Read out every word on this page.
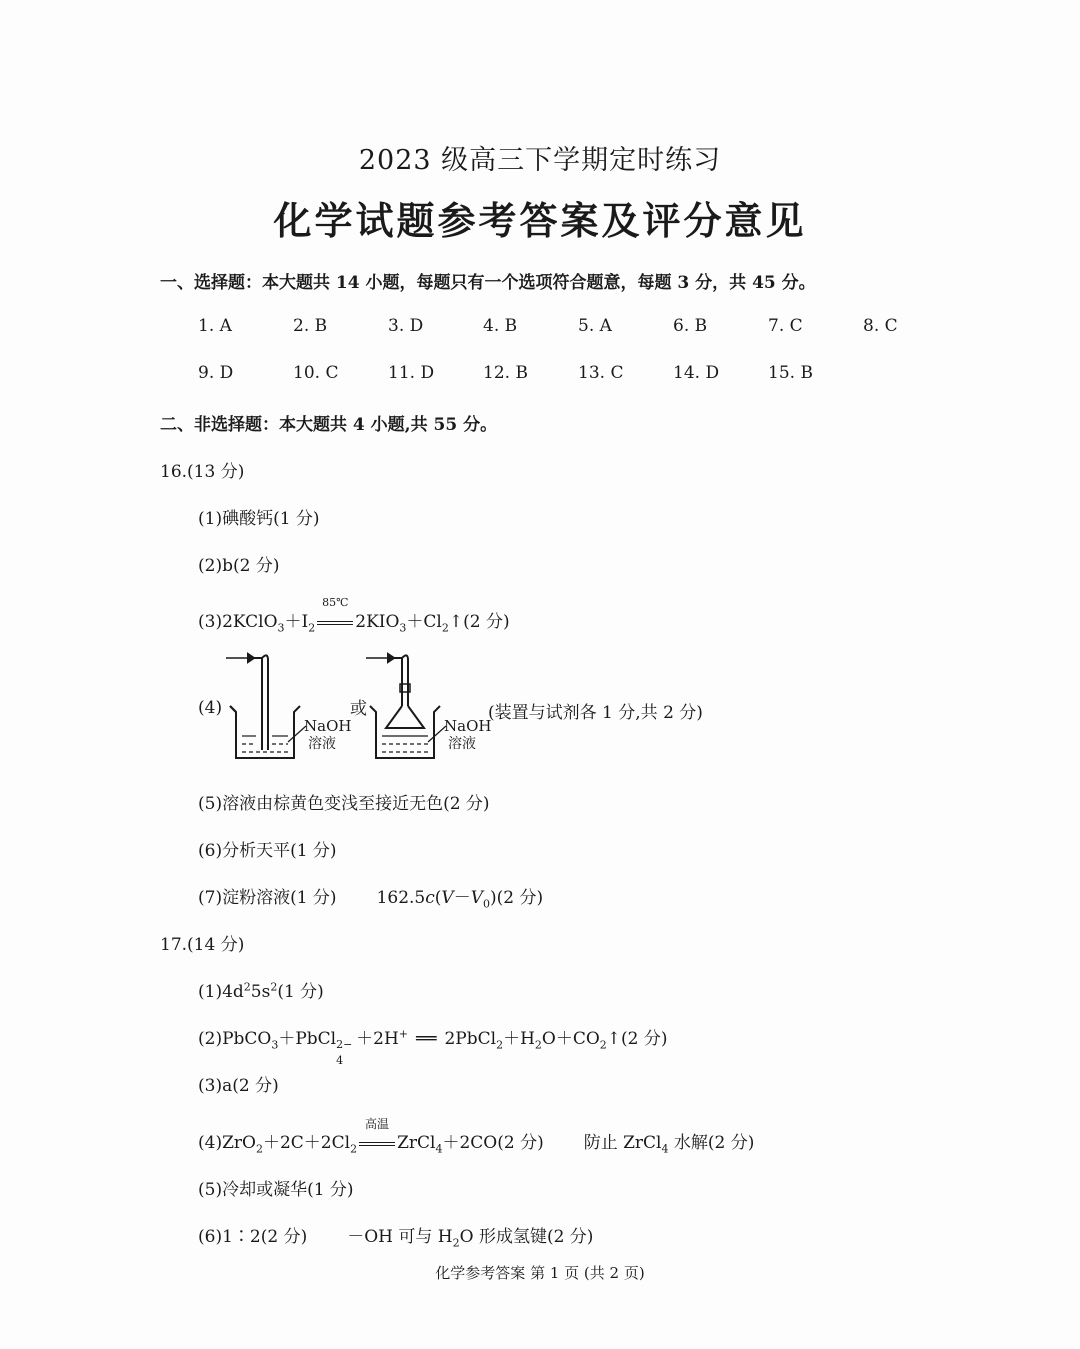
2023 级高三下学期定时练习
化学试题参考答案及评分意见
一、选择题：本大题共 14 小题，每题只有一个选项符合题意，每题 3 分，共 45 分。
1. A	2. B	3. D	4. B	5. A	6. B	7. C	8. C
9. D	10. C	11. D	12. B	13. C	14. D	15. B
二、非选择题：本大题共 4 小题,共 55 分。
16.(13 分)
(1)碘酸钙(1 分)
(2)b(2 分)
$(3)2KClO_3+I_2$
85℃
$2KIO_3+Cl_2↑(2$ 分)
(4)
NaOH
溶液
或
NaOH
溶液
(装置与试剂各 1 分,共 2 分)
(5)溶液由棕黄色变浅至接近无色(2 分)
(6)分析天平(1 分)
(7)淀粉溶液(1 分) $162.5c(V-V_0)(2$ 分)
17.(14 分)
$(1)4d^25s^2(1$ 分)
(2)PbCO$_3$＋PbCl 2−
4
＋2H+ ══ $2PbCl_2+H_2O+CO_2↑(2$ 分)
(3)a(2 分)
$(4)ZrO_2+2C+2Cl_2$
高温
ZrCl$_4$＋2CO(2 分) 防止 ZrCl$_4$ 水解(2 分)
(5)冷却或凝华(1 分)
(6)1∶2(2 分) －OH 可与 $H_2O$ 形成氢键(2 分)
化学参考答案 第 1 页 (共 2 页)
